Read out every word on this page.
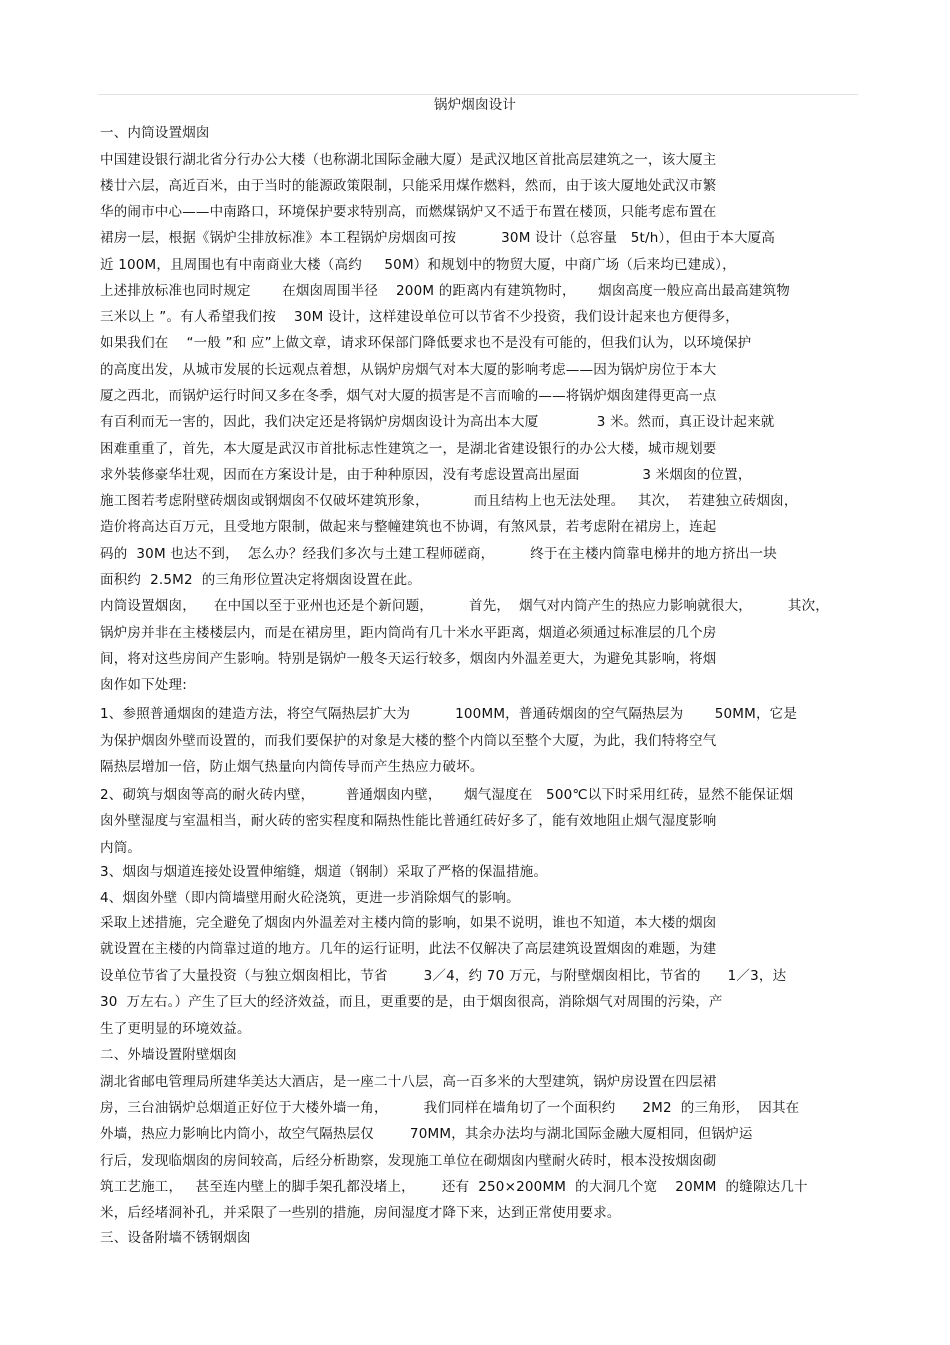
锅炉烟囱设计

一、内筒设置烟囱

中国建设银行湖北省分行办公大楼（也称湖北国际金融大厦）是武汉地区首批高层建筑之一，该大厦主

楼廿六层，高近百米，由于当时的能源政策限制，只能采用煤作燃料，然而，由于该大厦地处武汉市繁

华的闹市中心——中南路口，环境保护要求特别高，而燃煤锅炉又不适于布置在楼顶，只能考虑布置在

裙房一层，根据《锅炉尘排放标准》本工程锅炉房烟囱可按          30M 设计（总容量   5t/h），但由于本大厦高

近 100M，且周围也有中南商业大楼（高约     50M）和规划中的物贸大厦，中商广场（后来均已建成），

上述排放标准也同时规定       在烟囱周围半径    200M 的距离内有建筑物时，     烟囱高度一般应高出最高建筑物

三米以上 ”。有人希望我们按    30M 设计，这样建设单位可以节省不少投资，我们设计起来也方便得多，

如果我们在    “一般 ”和 应”上做文章，请求环保部门降低要求也不是没有可能的，但我们认为，以环境保护

的高度出发，从城市发展的长远观点着想，从锅炉房烟气对本大厦的影响考虑——因为锅炉房位于本大

厦之西北，而锅炉运行时间又多在冬季，烟气对大厦的损害是不言而喻的——将锅炉烟囱建得更高一点

有百利而无一害的，因此，我们决定还是将锅炉房烟囱设计为高出本大厦             3 米。然而，真正设计起来就

困难重重了，首先，本大厦是武汉市首批标志性建筑之一，是湖北省建设银行的办公大楼，城市规划要

求外装修豪华壮观，因而在方案设计是，由于种种原因，没有考虑设置高出屋面              3 米烟囱的位置，

施工图若考虑附壁砖烟囱或钢烟囱不仅破坏建筑形象，          而且结构上也无法处理。   其次，  若建独立砖烟囱，

造价将高达百万元，且受地方限制，做起来与整幢建筑也不协调，有煞风景，若考虑附在裙房上，连起

码的  30M 也达不到，  怎么办？经我们多次与土建工程师磋商，        终于在主楼内筒靠电梯井的地方挤出一块

面积约  2.5M2  的三角形位置决定将烟囱设置在此。

内筒设置烟囱，    在中国以至于亚州也还是个新问题，        首先，  烟气对内筒产生的热应力影响就很大，        其次，

锅炉房并非在主楼楼层内，而是在裙房里，距内筒尚有几十米水平距离，烟道必须通过标准层的几个房

间，将对这些房间产生影响。特别是锅炉一般冬天运行较多，烟囱内外温差更大，为避免其影响，将烟

囱作如下处理:

1、参照普通烟囱的建造方法，将空气隔热层扩大为          100MM，普通砖烟囱的空气隔热层为       50MM，它是

为保护烟囱外壁而设置的，而我们要保护的对象是大楼的整个内筒以至整个大厦，为此，我们特将空气

隔热层增加一倍，防止烟气热量向内筒传导而产生热应力破坏。

2、砌筑与烟囱等高的耐火砖内壁，       普通烟囱内壁，     烟气湿度在   500℃以下时采用红砖，显然不能保证烟

囱外壁湿度与室温相当，耐火砖的密实程度和隔热性能比普通红砖好多了，能有效地阻止烟气湿度影响

内筒。

3、烟囱与烟道连接处设置伸缩缝，烟道（钢制）采取了严格的保温措施。

4、烟囱外壁（即内筒墙壁用耐火砼浇筑，更进一步消除烟气的影响。

采取上述措施，完全避免了烟囱内外温差对主楼内筒的影响，如果不说明，谁也不知道，本大楼的烟囱

就设置在主楼的内筒靠过道的地方。几年的运行证明，此法不仅解决了高层建筑设置烟囱的难题，为建

设单位节省了大量投资（与独立烟囱相比，节省        3／4，约 70 万元，与附壁烟囱相比，节省的      1／3，达

30  万左右。）产生了巨大的经济效益，而且，更重要的是，由于烟囱很高，消除烟气对周围的污染，产

生了更明显的环境效益。

二、外墙设置附壁烟囱

湖北省邮电管理局所建华美达大酒店，是一座二十八层，高一百多米的大型建筑，锅炉房设置在四层裙

房，三台油锅炉总烟道正好位于大楼外墙一角，        我们同样在墙角切了一个面积约      2M2  的三角形，  因其在

外墙，热应力影响比内筒小，故空气隔热层仅        70MM，其余办法均与湖北国际金融大厦相同，但锅炉运

行后，发现临烟囱的房间较高，后经分析勘察，发现施工单位在砌烟囱内壁耐火砖时，根本没按烟囱砌

筑工艺施工，   甚至连内壁上的脚手架孔都没堵上，      还有  250×200MM  的大洞几个宽    20MM  的缝隙达几十

米，后经堵洞补孔，并采限了一些别的措施，房间湿度才降下来，达到正常使用要求。

三、设备附墙不锈钢烟囱
